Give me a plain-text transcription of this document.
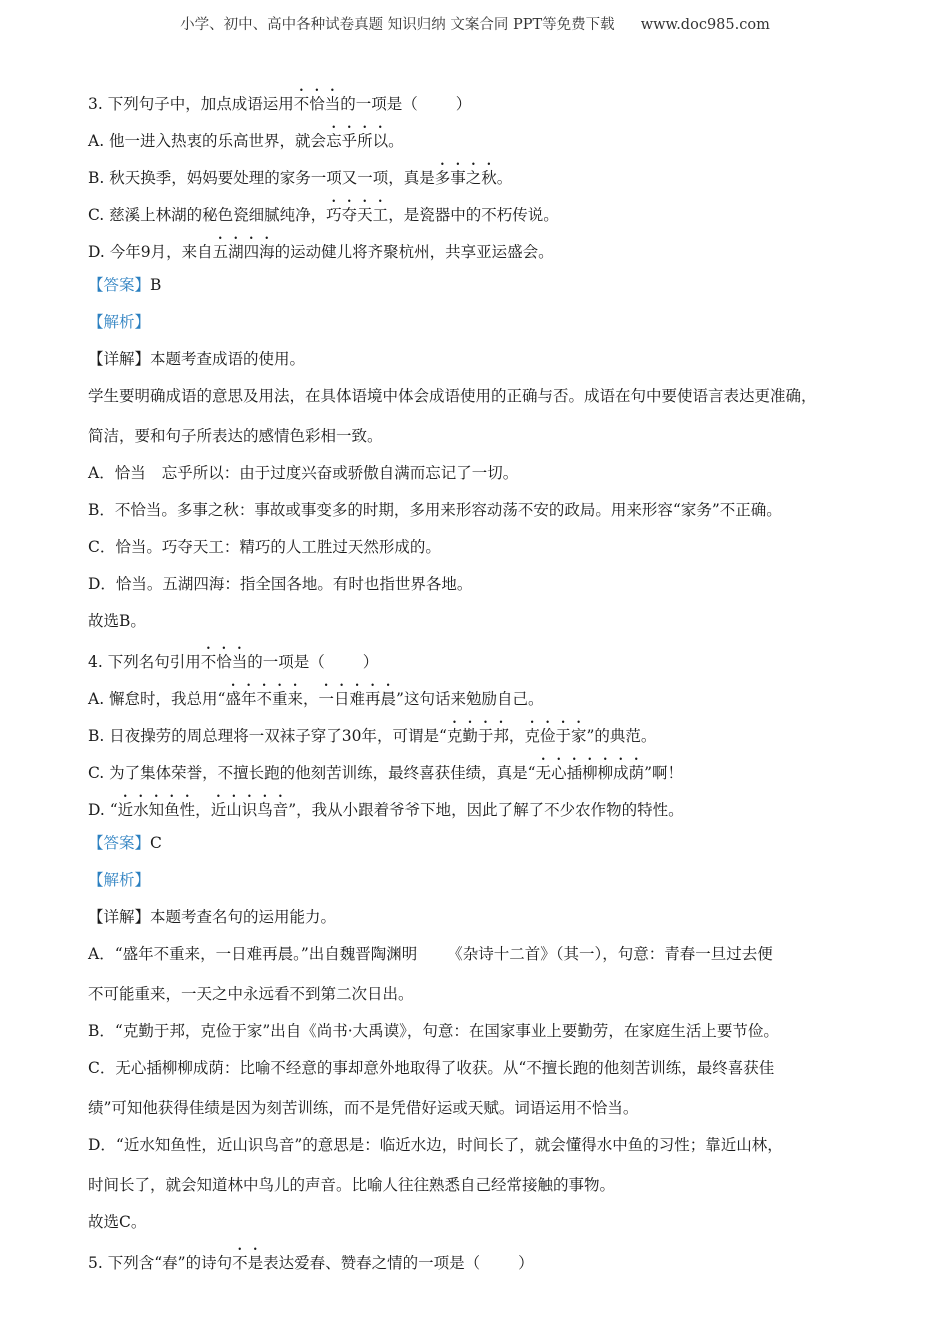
小学、初中、高中各种试卷真题 知识归纳 文案合同 PPT等免费下载 www.doc985.com
3. 下列句子中，加点成语运用不恰当的一项是（ ）
A. 他一进入热衷的乐高世界，就会忘乎所以。
B. 秋天换季，妈妈要处理的家务一项又一项，真是多事之秋。
C. 慈溪上林湖的秘色瓷细腻纯净，巧夺天工，是瓷器中的不朽传说。
D. 今年9月，来自五湖四海的运动健儿将齐聚杭州，共享亚运盛会。
【答案】B
【解析】
【详解】本题考查成语的使用。
学生要明确成语的意思及用法，在具体语境中体会成语使用的正确与否。成语在句中要使语言表达更准确，
简洁，要和句子所表达的感情色彩相一致。
A．恰当 忘乎所以：由于过度兴奋或骄傲自满而忘记了一切。
B．不恰当。多事之秋：事故或事变多的时期，多用来形容动荡不安的政局。用来形容“家务”不正确。
C．恰当。巧夺天工：精巧的人工胜过天然形成的。
D．恰当。五湖四海：指全国各地。有时也指世界各地。
故选B。
4. 下列名句引用不恰当的一项是（ ）
A. 懈怠时，我总用“盛年不重来，一日难再晨”这句话来勉励自己。
B. 日夜操劳的周总理将一双袜子穿了30年，可谓是“克勤于邦，克俭于家”的典范。
C. 为了集体荣誉，不擅长跑的他刻苦训练，最终喜获佳绩，真是“无心插柳柳成荫”啊！
D. “近水知鱼性，近山识鸟音”，我从小跟着爷爷下地，因此了解了不少农作物的特性。
【答案】C
【解析】
【详解】本题考查名句的运用能力。
A．“盛年不重来，一日难再晨。”出自魏晋陶渊明 《杂诗十二首》（其一），句意：青春一旦过去便
不可能重来，一天之中永远看不到第二次日出。
B．“克勤于邦，克俭于家”出自《尚书·大禹谟》，句意：在国家事业上要勤劳，在家庭生活上要节俭。
C．无心插柳柳成荫：比喻不经意的事却意外地取得了收获。从“不擅长跑的他刻苦训练，最终喜获佳
绩”可知他获得佳绩是因为刻苦训练，而不是凭借好运或天赋。词语运用不恰当。
D．“近水知鱼性，近山识鸟音”的意思是：临近水边，时间长了，就会懂得水中鱼的习性；靠近山林，
时间长了，就会知道林中鸟儿的声音。比喻人往往熟悉自己经常接触的事物。
故选C。
5. 下列含“春”的诗句不是表达爱春、赞春之情的一项是（ ）
